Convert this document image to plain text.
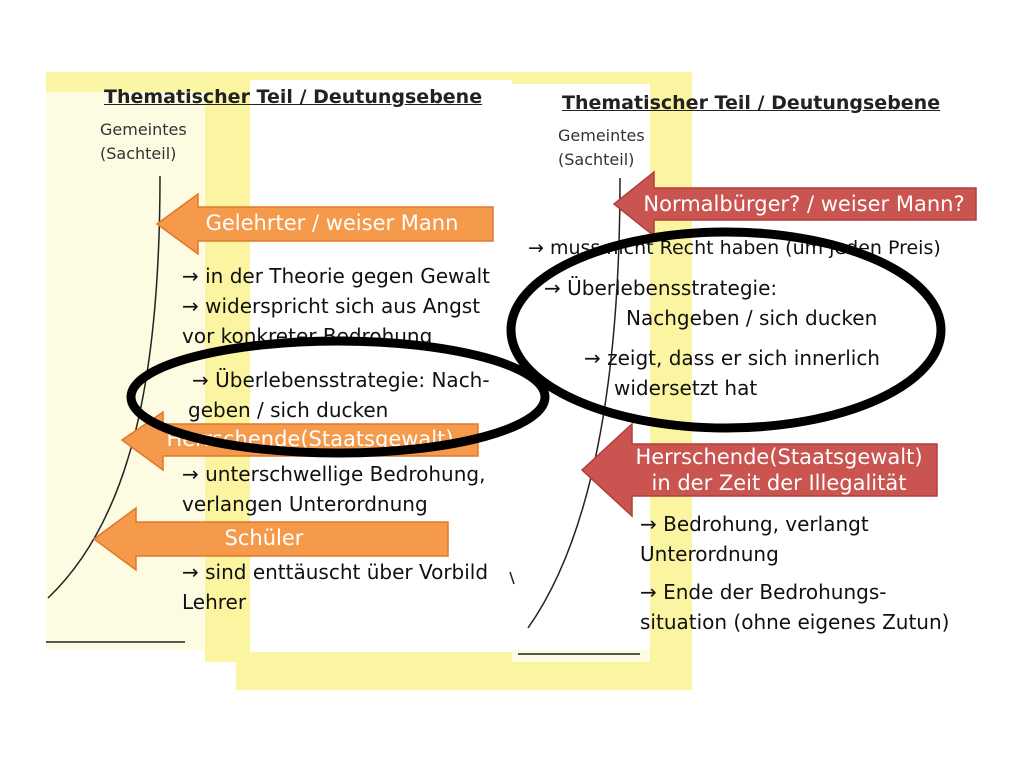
Thematischer Teil / Deutungsebene
Gemeintes
(Sachteil)
Thematischer Teil / Deutungsebene
Gemeintes
(Sachteil)
Gelehrter / weiser Mann
Herrschende(Staatsgewalt)
Schüler
Normalbürger? / weiser Mann?
Herrschende(Staatsgewalt)
in der Zeit der Illegalität
→ in der Theorie gegen Gewalt
→ widerspricht sich aus Angst
vor konkreter Bedrohung
→ Überlebensstrategie: Nach-
geben / sich ducken
→ unterschwellige Bedrohung,
verlangen Unterordnung
→ sind enttäuscht über Vorbild
Lehrer
→ muss nicht Recht haben (um jeden Preis)
→ Überlebensstrategie:
Nachgeben / sich ducken
→ zeigt, dass er sich innerlich
widersetzt hat
→ Bedrohung, verlangt
Unterordnung
→ Ende der Bedrohungs-
situation (ohne eigenes Zutun)
